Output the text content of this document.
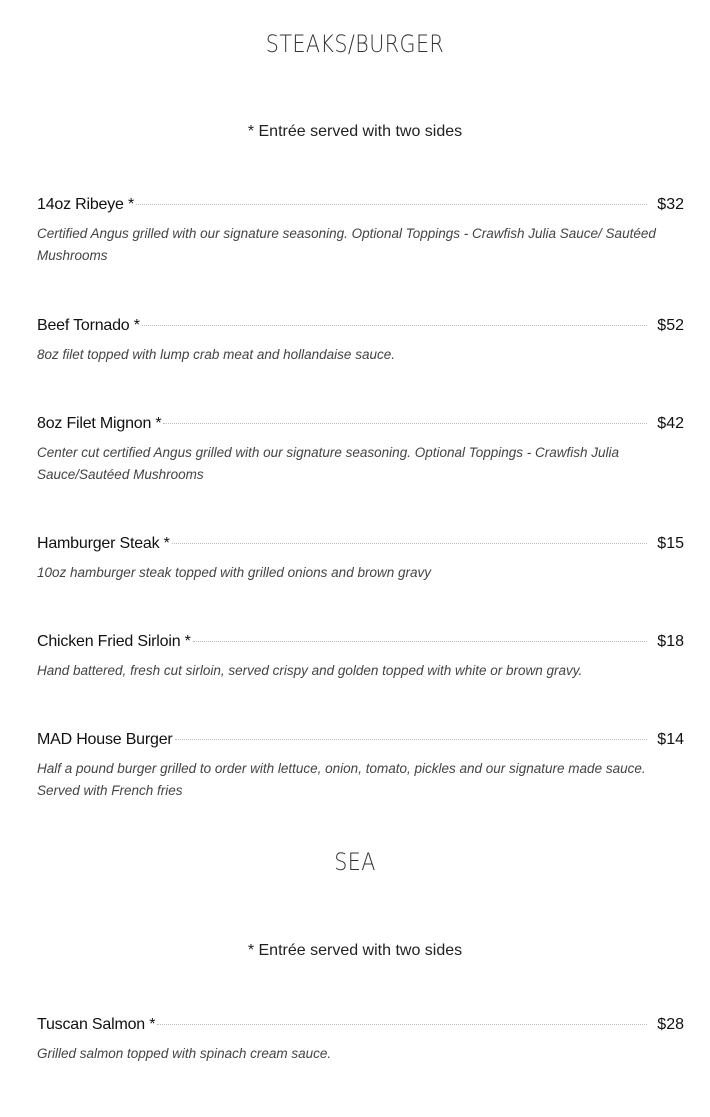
STEAKS/BURGER

* Entrée served with two sides

14oz Ribeye *	$32
Certified Angus grilled with our signature seasoning. Optional Toppings - Crawfish Julia Sauce/ Sautéed Mushrooms
Beef Tornado *	$52
8oz filet topped with lump crab meat and hollandaise sauce.
8oz Filet Mignon *	$42
Center cut certified Angus grilled with our signature seasoning. Optional Toppings - Crawfish Julia Sauce/Sautéed Mushrooms
Hamburger Steak *	$15
10oz hamburger steak topped with grilled onions and brown gravy
Chicken Fried Sirloin *	$18
Hand battered, fresh cut sirloin, served crispy and golden topped with white or brown gravy.
MAD House Burger	$14
Half a pound burger grilled to order with lettuce, onion, tomato, pickles and our signature made sauce. Served with French fries
SEA

* Entrée served with two sides

Tuscan Salmon *	$28
Grilled salmon topped with spinach cream sauce.
